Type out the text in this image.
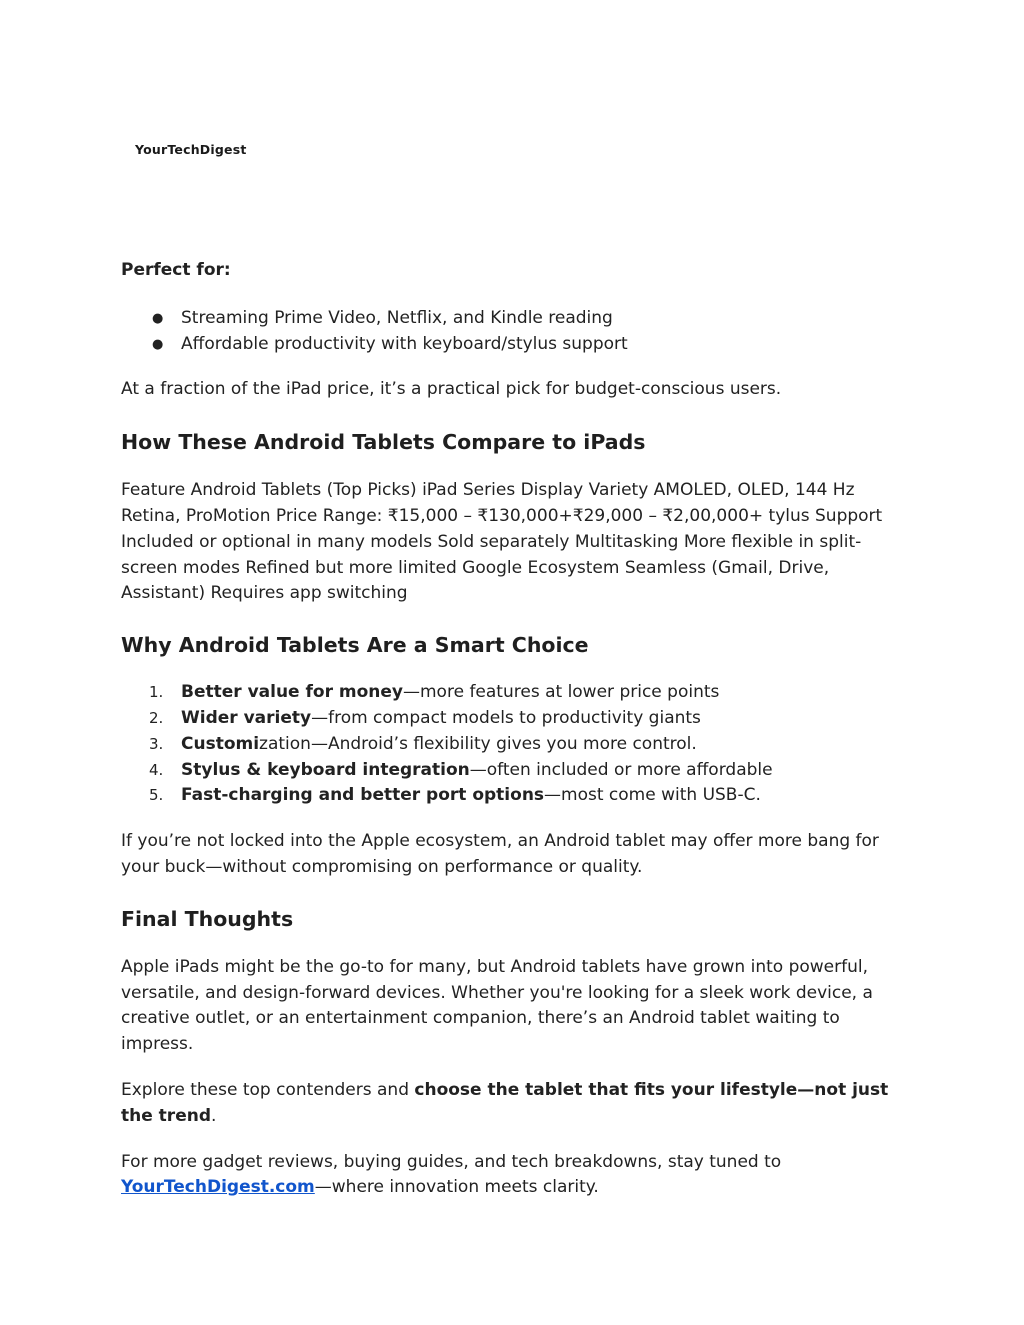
YourTechDigest

Perfect for:

● Streaming Prime Video, Netflix, and Kindle reading
● Affordable productivity with keyboard/stylus support

At a fraction of the iPad price, it’s a practical pick for budget-conscious users.

How These Android Tablets Compare to iPads

Feature Android Tablets (Top Picks) iPad Series Display Variety AMOLED, OLED, 144 Hz Retina, ProMotion Price Range: ₹15,000 – ₹130,000+₹29,000 – ₹2,00,000+ tylus Support Included or optional in many models Sold separately Multitasking More flexible in split-screen modes Refined but more limited Google Ecosystem Seamless (Gmail, Drive, Assistant) Requires app switching

Why Android Tablets Are a Smart Choice
1. Better value for money—more features at lower price points
2. Wider variety—from compact models to productivity giants
3. Customization—Android’s flexibility gives you more control.
4. Stylus & keyboard integration—often included or more affordable
5. Fast-charging and better port options—most come with USB-C.

If you’re not locked into the Apple ecosystem, an Android tablet may offer more bang for your buck—without compromising on performance or quality.

Final Thoughts

Apple iPads might be the go-to for many, but Android tablets have grown into powerful, versatile, and design-forward devices. Whether you're looking for a sleek work device, a creative outlet, or an entertainment companion, there’s an Android tablet waiting to impress.

Explore these top contenders and choose the tablet that fits your lifestyle—not just the trend.

For more gadget reviews, buying guides, and tech breakdowns, stay tuned to YourTechDigest.com—where innovation meets clarity.
